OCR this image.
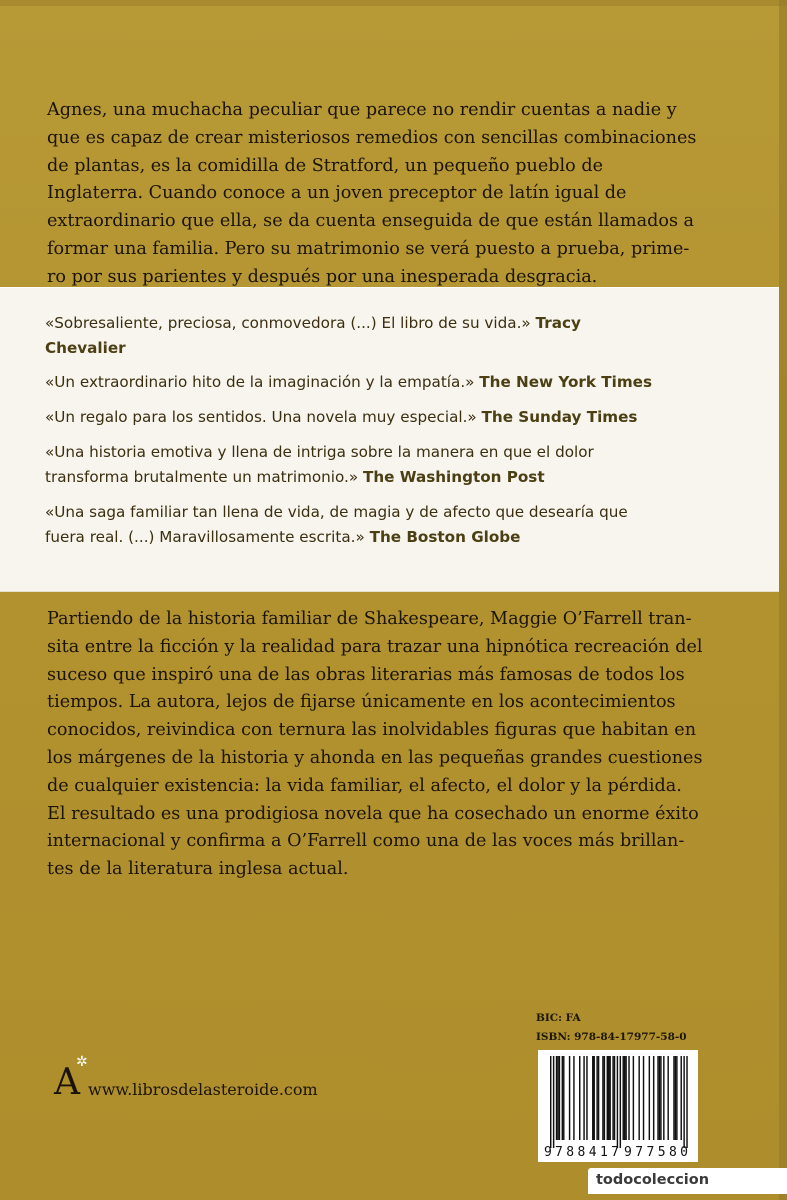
Agnes, una muchacha peculiar que parece no rendir cuentas a nadie y
que es capaz de crear misteriosos remedios con sencillas combinaciones
de plantas, es la comidilla de Stratford, un pequeño pueblo de
Inglaterra. Cuando conoce a un joven preceptor de latín igual de
extraordinario que ella, se da cuenta enseguida de que están llamados a
formar una familia. Pero su matrimonio se verá puesto a prueba, prime-
ro por sus parientes y después por una inesperada desgracia.

«Sobresaliente, preciosa, conmovedora (...) El libro de su vida.» Tracy
Chevalier
«Un extraordinario hito de la imaginación y la empatía.» The New York Times
«Un regalo para los sentidos. Una novela muy especial.» The Sunday Times
«Una historia emotiva y llena de intriga sobre la manera en que el dolor
transforma brutalmente un matrimonio.» The Washington Post
«Una saga familiar tan llena de vida, de magia y de afecto que desearía que
fuera real. (...) Maravillosamente escrita.» The Boston Globe

Partiendo de la historia familiar de Shakespeare, Maggie O’Farrell tran-
sita entre la ficción y la realidad para trazar una hipnótica recreación del
suceso que inspiró una de las obras literarias más famosas de todos los
tiempos. La autora, lejos de fijarse únicamente en los acontecimientos
conocidos, reivindica con ternura las inolvidables figuras que habitan en
los márgenes de la historia y ahonda en las pequeñas grandes cuestiones
de cualquier existencia: la vida familiar, el afecto, el dolor y la pérdida.
El resultado es una prodigiosa novela que ha cosechado un enorme éxito
internacional y confirma a O’Farrell como una de las voces más brillan-
tes de la literatura inglesa actual.

BIC: FA
ISBN: 978-84-17977-58-0
9 788417 977580
A
✲
www.librosdelasteroide.com
todocoleccion
